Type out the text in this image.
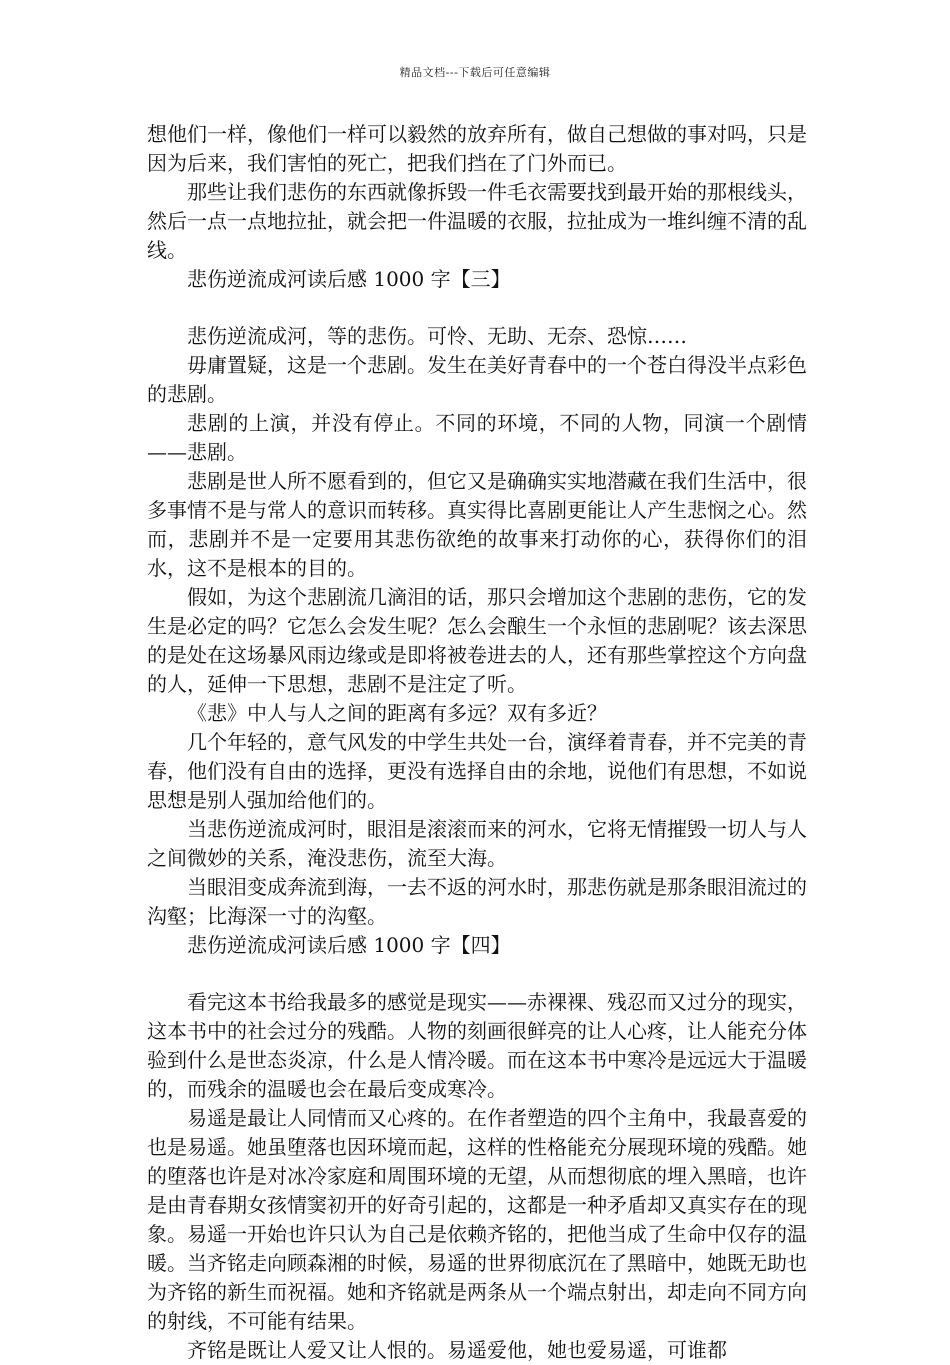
精品文档---下载后可任意编辑

想他们一样，像他们一样可以毅然的放弃所有，做自己想做的事对吗，只是因为后来，我们害怕的死亡，把我们挡在了门外而已。

那些让我们悲伤的东西就像拆毁一件毛衣需要找到最开始的那根线头，然后一点一点地拉扯，就会把一件温暖的衣服，拉扯成为一堆纠缠不清的乱线。

悲伤逆流成河读后感 1000 字【三】

悲伤逆流成河，等的悲伤。可怜、无助、无奈、恐惊……

毋庸置疑，这是一个悲剧。发生在美好青春中的一个苍白得没半点彩色的悲剧。

悲剧的上演，并没有停止。不同的环境，不同的人物，同演一个剧情——悲剧。

悲剧是世人所不愿看到的，但它又是确确实实地潜藏在我们生活中，很多事情不是与常人的意识而转移。真实得比喜剧更能让人产生悲悯之心。然而，悲剧并不是一定要用其悲伤欲绝的故事来打动你的心，获得你们的泪水，这不是根本的目的。

假如，为这个悲剧流几滴泪的话，那只会增加这个悲剧的悲伤，它的发生是必定的吗？它怎么会发生呢？怎么会酿生一个永恒的悲剧呢？该去深思的是处在这场暴风雨边缘或是即将被卷进去的人，还有那些掌控这个方向盘的人，延伸一下思想，悲剧不是注定了听。

《悲》中人与人之间的距离有多远？双有多近？

几个年轻的，意气风发的中学生共处一台，演绎着青春，并不完美的青春，他们没有自由的选择，更没有选择自由的余地，说他们有思想，不如说思想是别人强加给他们的。

当悲伤逆流成河时，眼泪是滚滚而来的河水，它将无情摧毁一切人与人之间微妙的关系，淹没悲伤，流至大海。

当眼泪变成奔流到海，一去不返的河水时，那悲伤就是那条眼泪流过的沟壑；比海深一寸的沟壑。

悲伤逆流成河读后感 1000 字【四】

看完这本书给我最多的感觉是现实——赤裸裸、残忍而又过分的现实，这本书中的社会过分的残酷。人物的刻画很鲜亮的让人心疼，让人能充分体验到什么是世态炎凉，什么是人情冷暖。而在这本书中寒冷是远远大于温暖的，而残余的温暖也会在最后变成寒冷。

易遥是最让人同情而又心疼的。在作者塑造的四个主角中，我最喜爱的也是易遥。她虽堕落也因环境而起，这样的性格能充分展现环境的残酷。她的堕落也许是对冰冷家庭和周围环境的无望，从而想彻底的埋入黑暗，也许是由青春期女孩情窦初开的好奇引起的，这都是一种矛盾却又真实存在的现象。易遥一开始也许只认为自己是依赖齐铭的，把他当成了生命中仅存的温暖。当齐铭走向顾森湘的时候，易遥的世界彻底沉在了黑暗中，她既无助也为齐铭的新生而祝福。她和齐铭就是两条从一个端点射出，却走向不同方向的射线，不可能有结果。

齐铭是既让人爱又让人恨的。易遥爱他，她也爱易遥，可谁都
